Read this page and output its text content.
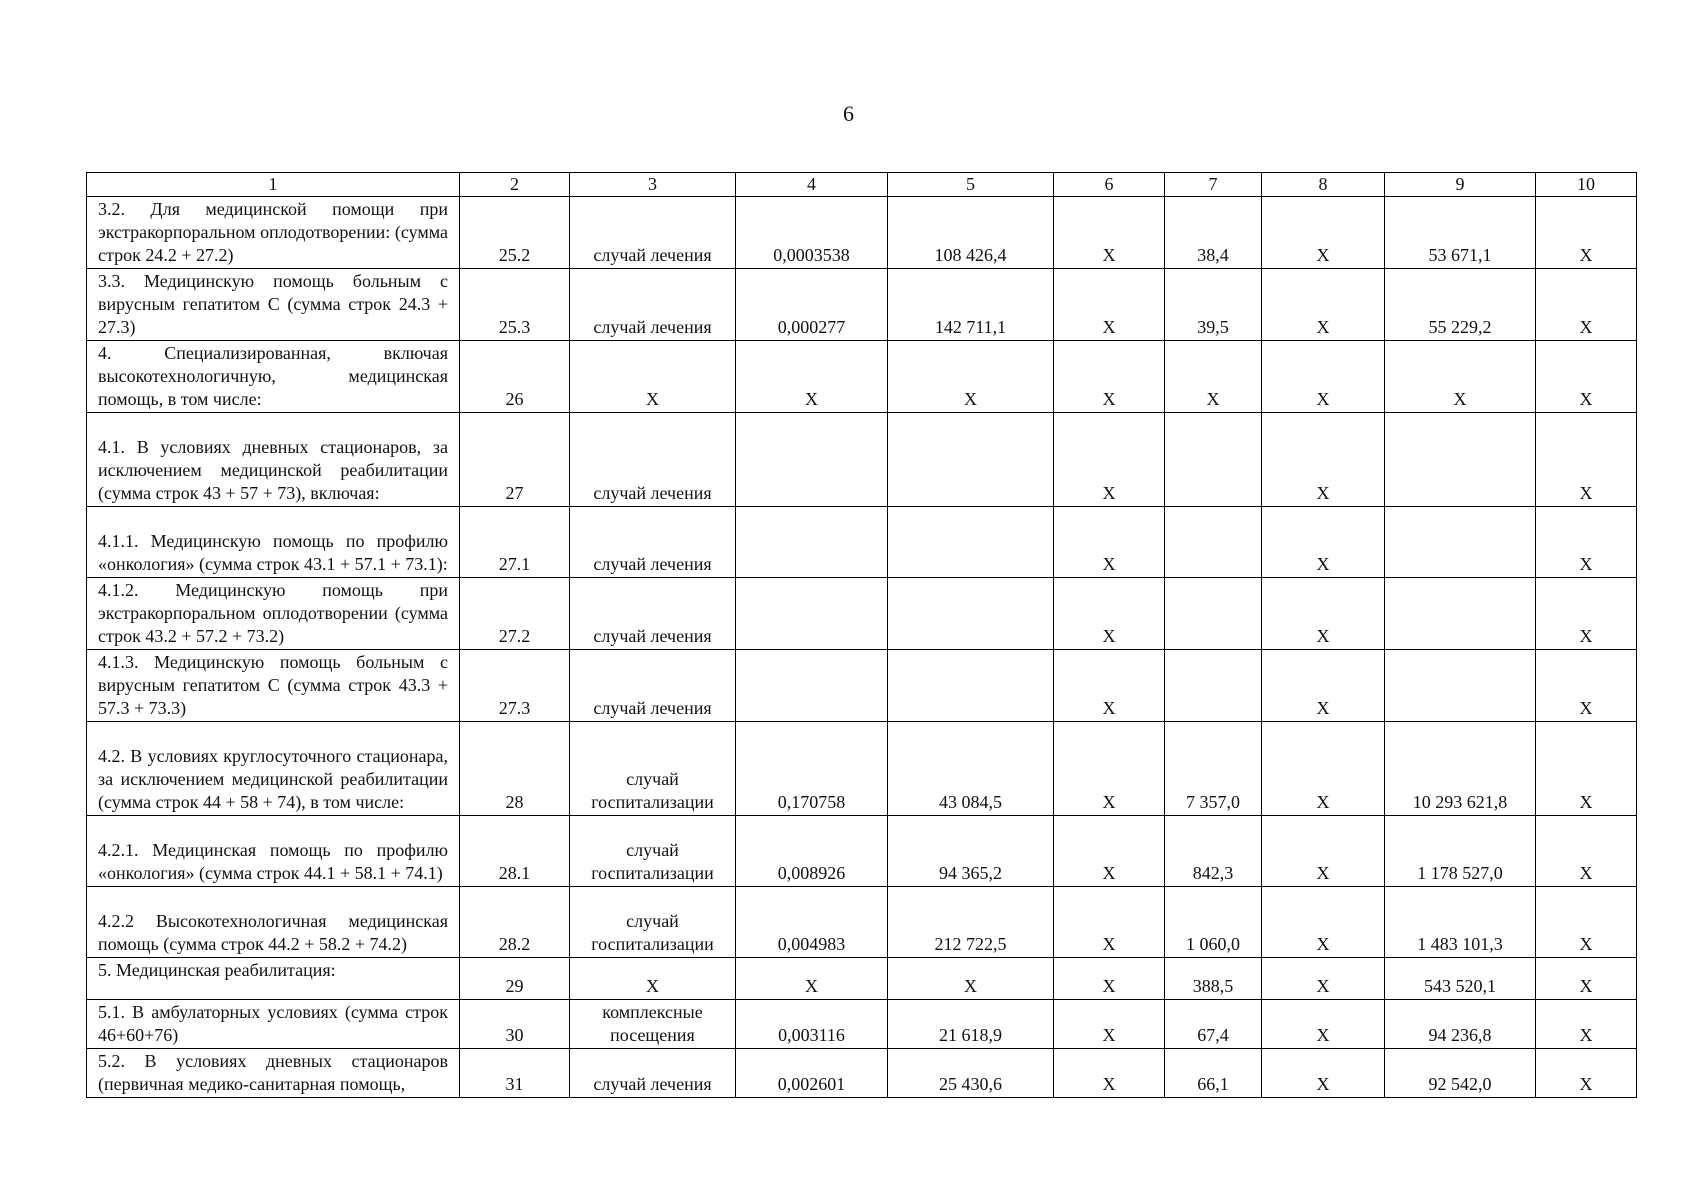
6
1	2	3	4	5	6	7	8	9	10
3.2. Для медицинской помощи при экстракорпоральном оплодотворении: (сумма строк 24.2 + 27.2)	25.2	случай лечения	0,0003538	108 426,4	Х	38,4	Х	53 671,1	Х
3.3. Медицинскую помощь больным с вирусным гепатитом С (сумма строк 24.3 + 27.3)	25.3	случай лечения	0,000277	142 711,1	Х	39,5	Х	55 229,2	Х
4. Специализированная, включая высокотехнологичную, медицинская помощь, в том числе:	26	Х	Х	Х	Х	Х	Х	Х	Х
4.1. В условиях дневных стационаров, за исключением медицинской реабилитации (сумма строк 43 + 57 + 73), включая:	27	случай лечения			Х		Х		Х
4.1.1. Медицинскую помощь по профилю «онкология» (сумма строк 43.1 + 57.1 + 73.1):	27.1	случай лечения			Х		Х		Х
4.1.2. Медицинскую помощь при экстракорпоральном оплодотворении (сумма строк 43.2 + 57.2 + 73.2)	27.2	случай лечения			Х		Х		Х
4.1.3. Медицинскую помощь больным с вирусным гепатитом С (сумма строк 43.3 + 57.3 + 73.3)	27.3	случай лечения			Х		Х		Х
4.2. В условиях круглосуточного стационара, за исключением медицинской реабилитации (сумма строк 44 + 58 + 74), в том числе:	28	случай госпитализации	0,170758	43 084,5	Х	7 357,0	Х	10 293 621,8	Х
4.2.1. Медицинская помощь по профилю «онкология» (сумма строк 44.1 + 58.1 + 74.1)	28.1	случай госпитализации	0,008926	94 365,2	Х	842,3	Х	1 178 527,0	Х
4.2.2 Высокотехнологичная медицинская помощь (сумма строк 44.2 + 58.2 + 74.2)	28.2	случай госпитализации	0,004983	212 722,5	Х	1 060,0	Х	1 483 101,3	Х
5. Медицинская реабилитация:	29	Х	Х	Х	Х	388,5	Х	543 520,1	Х
5.1. В амбулаторных условиях (сумма строк 46+60+76)	30	комплексные посещения	0,003116	21 618,9	Х	67,4	Х	94 236,8	Х
5.2. В условиях дневных стационаров (первичная медико-санитарная помощь,	31	случай лечения	0,002601	25 430,6	Х	66,1	Х	92 542,0	Х
